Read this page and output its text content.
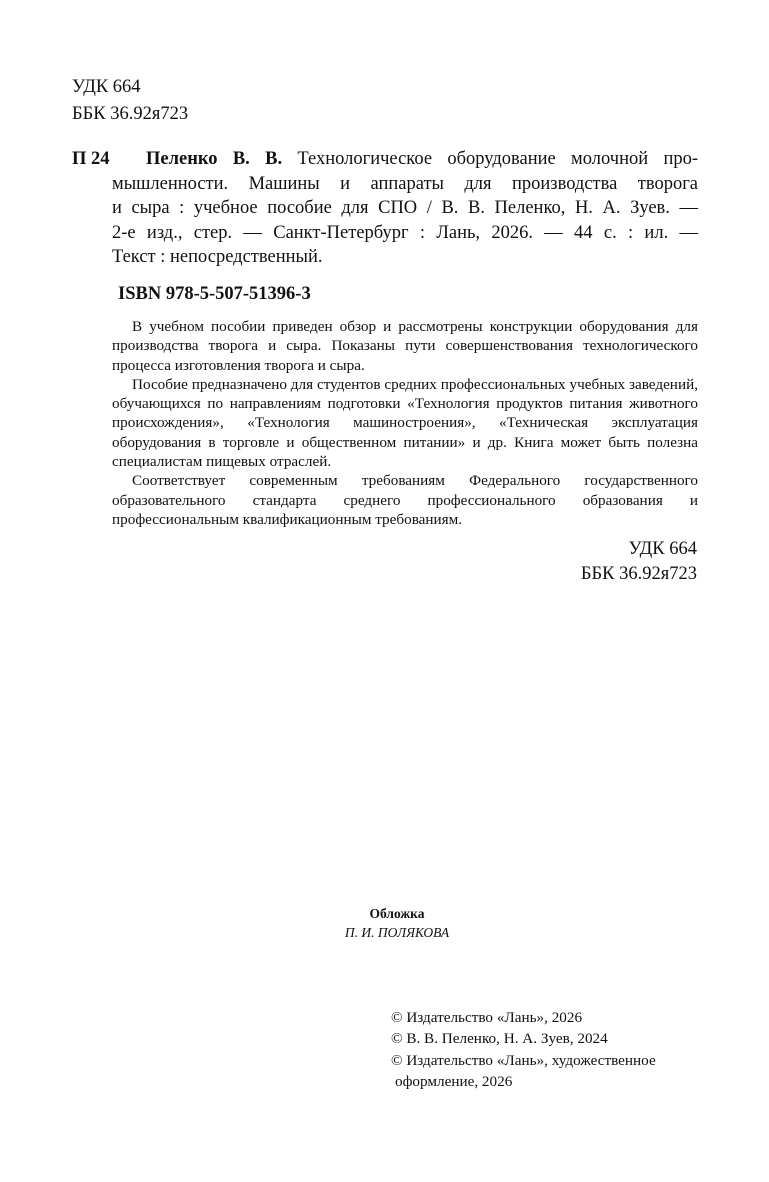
УДК 664
ББК 36.92я723
П 24 Пеленко В. В. Технологическое оборудование молочной про-
мышленности. Машины и аппараты для производства творога
и сыра : учебное пособие для СПО / В. В. Пеленко, Н. А. Зуев. —
2-е изд., стер. — Санкт-Петербург : Лань, 2026. — 44 с. : ил. —
Текст : непосредственный.
ISBN 978-5-507-51396-3

В учебном пособии приведен обзор и рассмотрены конструкции оборудования для производства творога и сыра. Показаны пути совершенствования технологического процесса изготовления творога и сыра.

Пособие предназначено для студентов средних профессиональных учебных заведений, обучающихся по направлениям подготовки «Технология продуктов питания животного происхождения», «Технология машиностроения», «Техническая эксплуатация оборудования в торговле и общественном питании» и др. Книга может быть полезна специалистам пищевых отраслей.

Соответствует современным требованиям Федерального государственного образовательного стандарта среднего профессионального образования и профессиональным квалификационным требованиям.

УДК 664
ББК 36.92я723
Обложка
П. И. ПОЛЯКОВА
© Издательство «Лань», 2026
© В. В. Пеленко, Н. А. Зуев, 2024
© Издательство «Лань», художественное
оформление, 2026
